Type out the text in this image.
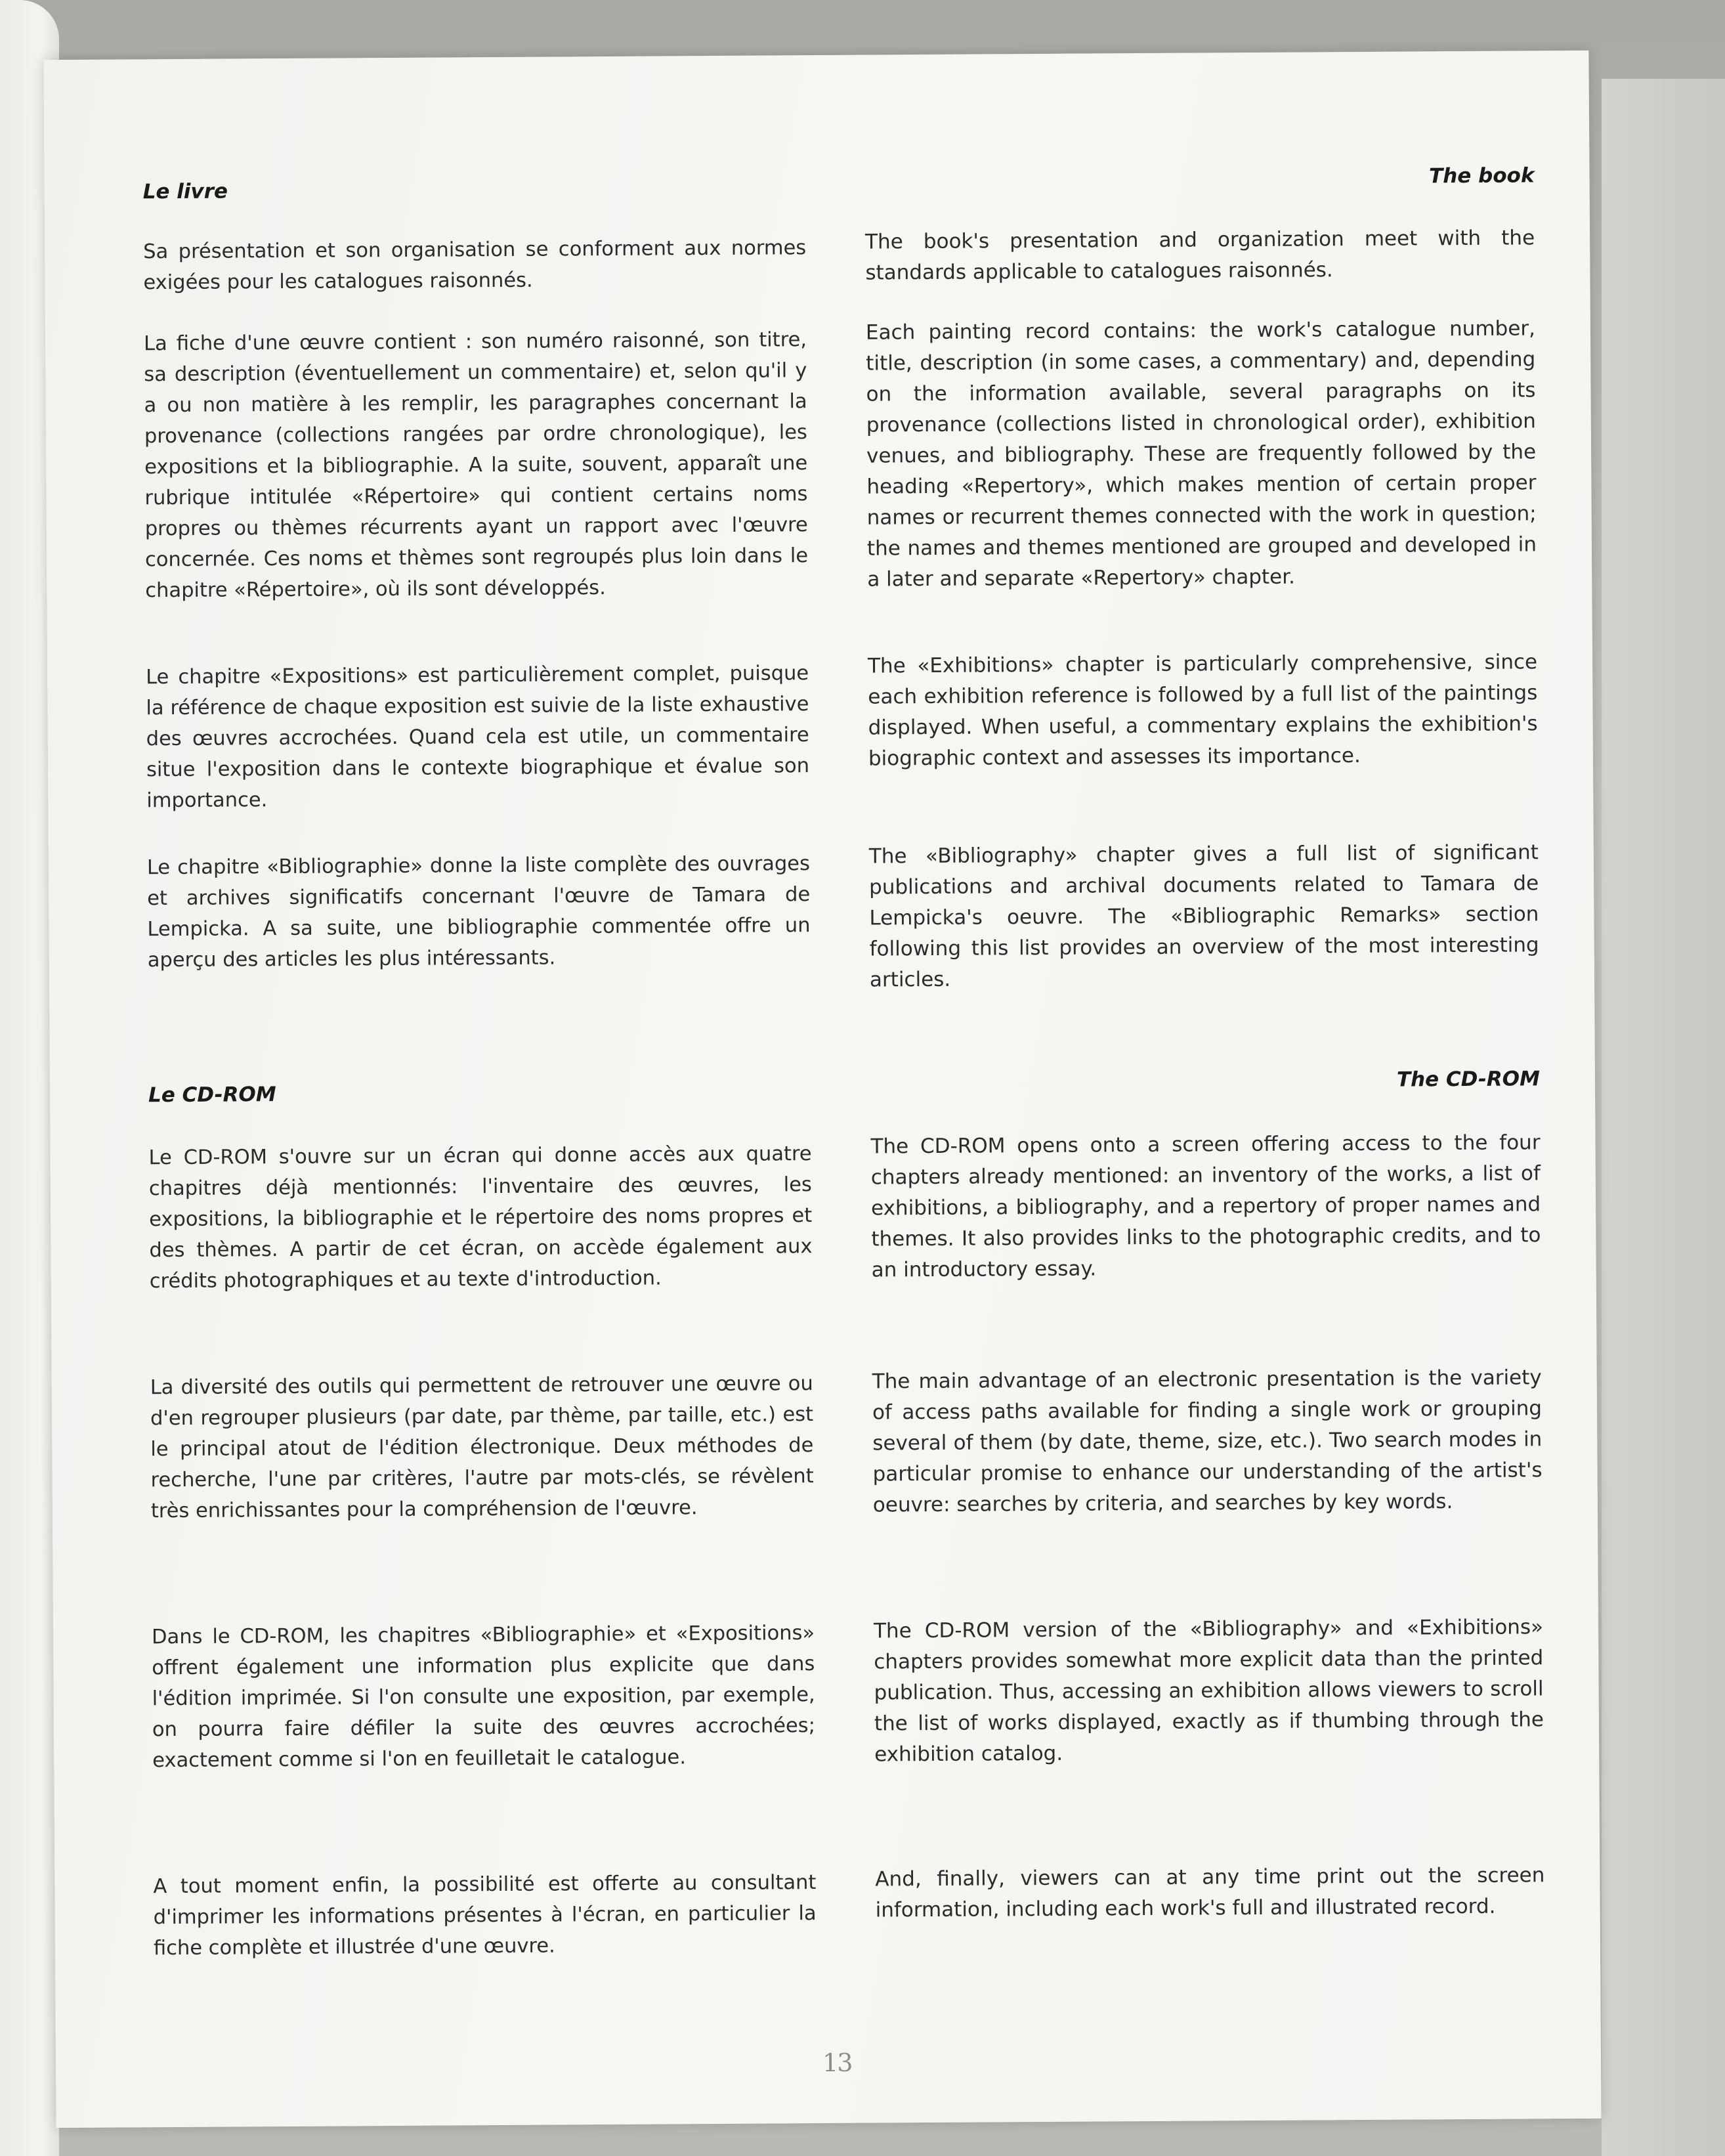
Le livre

Sa présentation et son organisation se conforment aux normes exigées pour les catalogues raisonnés.

La fiche d'une œuvre contient : son numéro raisonné, son titre, sa description (éventuellement un commentaire) et, selon qu'il y a ou non matière à les remplir, les paragraphes concernant la provenance (collections rangées par ordre chronologique), les expositions et la bibliographie. A la suite, souvent, apparaît une rubrique intitulée «Répertoire» qui contient certains noms propres ou thèmes récurrents ayant un rapport avec l'œuvre concernée. Ces noms et thèmes sont regroupés plus loin dans le chapitre «Répertoire», où ils sont développés.

Le chapitre «Expositions» est particulièrement complet, puisque la référence de chaque exposition est suivie de la liste exhaustive des œuvres accrochées. Quand cela est utile, un commentaire situe l'exposition dans le contexte biographique et évalue son importance.

Le chapitre «Bibliographie» donne la liste complète des ouvrages et archives significatifs concernant l'œuvre de Tamara de Lempicka. A sa suite, une bibliographie commentée offre un aperçu des articles les plus intéressants.

Le CD-ROM

Le CD-ROM s'ouvre sur un écran qui donne accès aux quatre chapitres déjà mentionnés: l'inventaire des œuvres, les expositions, la bibliographie et le répertoire des noms propres et des thèmes. A partir de cet écran, on accède également aux crédits photographiques et au texte d'introduction.

La diversité des outils qui permettent de retrouver une œuvre ou d'en regrouper plusieurs (par date, par thème, par taille, etc.) est le principal atout de l'édition électronique. Deux méthodes de recherche, l'une par critères, l'autre par mots-clés, se révèlent très enrichissantes pour la compréhension de l'œuvre.

Dans le CD-ROM, les chapitres «Bibliographie» et «Expositions» offrent également une information plus explicite que dans l'édition imprimée. Si l'on consulte une exposition, par exemple, on pourra faire défiler la suite des œuvres accrochées; exactement comme si l'on en feuilletait le catalogue.

A tout moment enfin, la possibilité est offerte au consultant d'imprimer les informations présentes à l'écran, en particulier la fiche complète et illustrée d'une œuvre.

The book

The book's presentation and organization meet with the standards applicable to catalogues raisonnés.

Each painting record contains: the work's catalogue number, title, description (in some cases, a commentary) and, depending on the information available, several paragraphs on its provenance (collections listed in chronological order), exhibition venues, and bibliography. These are frequently followed by the heading «Repertory», which makes mention of certain proper names or recurrent themes connected with the work in question; the names and themes mentioned are grouped and developed in a later and separate «Repertory» chapter.

The «Exhibitions» chapter is particularly comprehensive, since each exhibition reference is followed by a full list of the paintings displayed. When useful, a commentary explains the exhibition's biographic context and assesses its importance.

The «Bibliography» chapter gives a full list of significant publications and archival documents related to Tamara de Lempicka's oeuvre. The «Bibliographic Remarks» section following this list provides an overview of the most interesting articles.

The CD-ROM

The CD-ROM opens onto a screen offering access to the four chapters already mentioned: an inventory of the works, a list of exhibitions, a bibliography, and a repertory of proper names and themes. It also provides links to the photographic credits, and to an introductory essay.

The main advantage of an electronic presentation is the variety of access paths available for finding a single work or grouping several of them (by date, theme, size, etc.). Two search modes in particular promise to enhance our understanding of the artist's oeuvre: searches by criteria, and searches by key words.

The CD-ROM version of the «Bibliography» and «Exhibitions» chapters provides somewhat more explicit data than the printed publication. Thus, accessing an exhibition allows viewers to scroll the list of works displayed, exactly as if thumbing through the exhibition catalog.

And, finally, viewers can at any time print out the screen information, including each work's full and illustrated record.

13
